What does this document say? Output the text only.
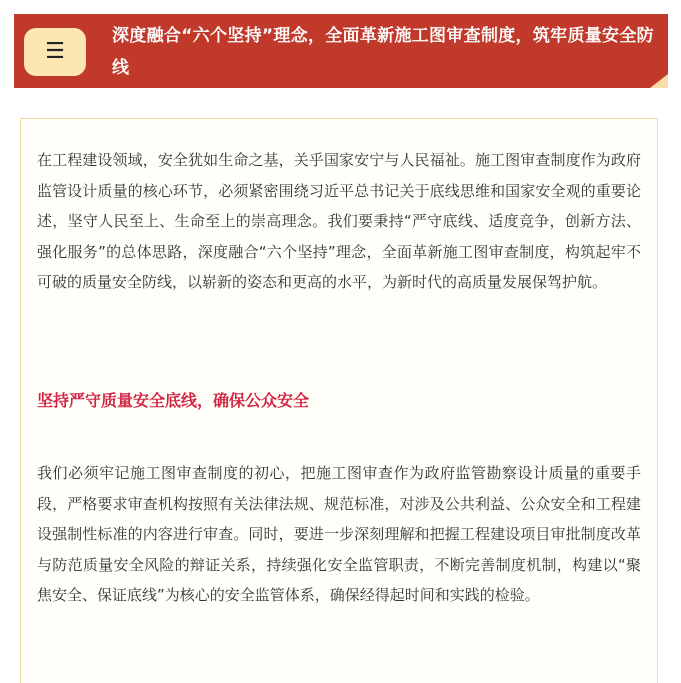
☰
深度融合“六个坚持”理念，全面革新施工图审查制度，筑牢质量安全防线

在工程建设领域，安全犹如生命之基，关乎国家安宁与人民福祉。施工图审查制度作为政府监管设计质量的核心环节，必须紧密围绕习近平总书记关于底线思维和国家安全观的重要论述，坚守人民至上、生命至上的崇高理念。我们要秉持“严守底线、适度竞争，创新方法、强化服务”的总体思路，深度融合“六个坚持”理念，全面革新施工图审查制度，构筑起牢不可破的质量安全防线，以崭新的姿态和更高的水平，为新时代的高质量发展保驾护航。

坚持严守质量安全底线，确保公众安全

我们必须牢记施工图审查制度的初心，把施工图审查作为政府监管勘察设计质量的重要手段，严格要求审查机构按照有关法律法规、规范标准，对涉及公共利益、公众安全和工程建设强制性标准的内容进行审查。同时，要进一步深刻理解和把握工程建设项目审批制度改革与防范质量安全风险的辩证关系，持续强化安全监管职责，不断完善制度机制，构建以“聚焦安全、保证底线”为核心的安全监管体系，确保经得起时间和实践的检验。
